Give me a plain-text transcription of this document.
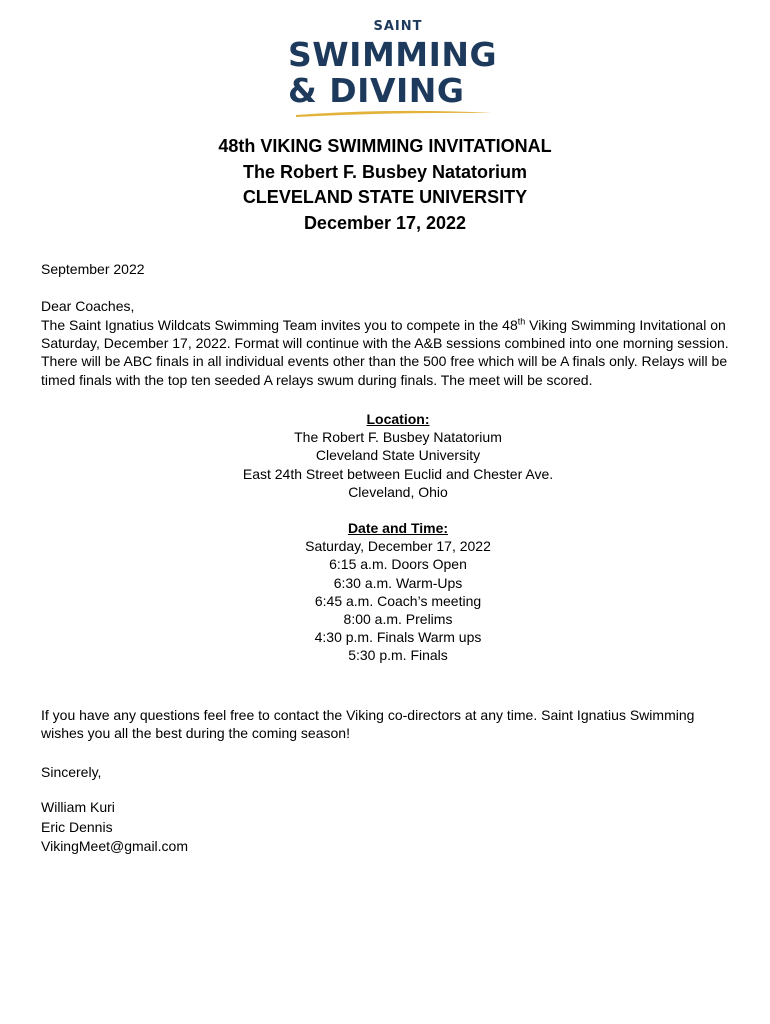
SAINT
SWIMMING
& DIVING
48th VIKING SWIMMING INVITATIONAL
The Robert F. Busbey Natatorium
CLEVELAND STATE UNIVERSITY
December 17, 2022
September 2022
Dear Coaches,
The Saint Ignatius Wildcats Swimming Team invites you to compete in the 48th Viking Swimming Invitational on Saturday, December 17, 2022. Format will continue with the A&B sessions combined into one morning session. There will be ABC finals in all individual events other than the 500 free which will be A finals only. Relays will be timed finals with the top ten seeded A relays swum during finals. The meet will be scored.
Location:
The Robert F. Busbey Natatorium
Cleveland State University
East 24th Street between Euclid and Chester Ave.
Cleveland, Ohio
Date and Time:
Saturday, December 17, 2022
6:15 a.m. Doors Open
6:30 a.m. Warm-Ups
6:45 a.m. Coach’s meeting
8:00 a.m. Prelims
4:30 p.m. Finals Warm ups
5:30 p.m. Finals
If you have any questions feel free to contact the Viking co-directors at any time. Saint Ignatius Swimming wishes you all the best during the coming season!
Sincerely,
William Kuri
Eric Dennis
VikingMeet@gmail.com
